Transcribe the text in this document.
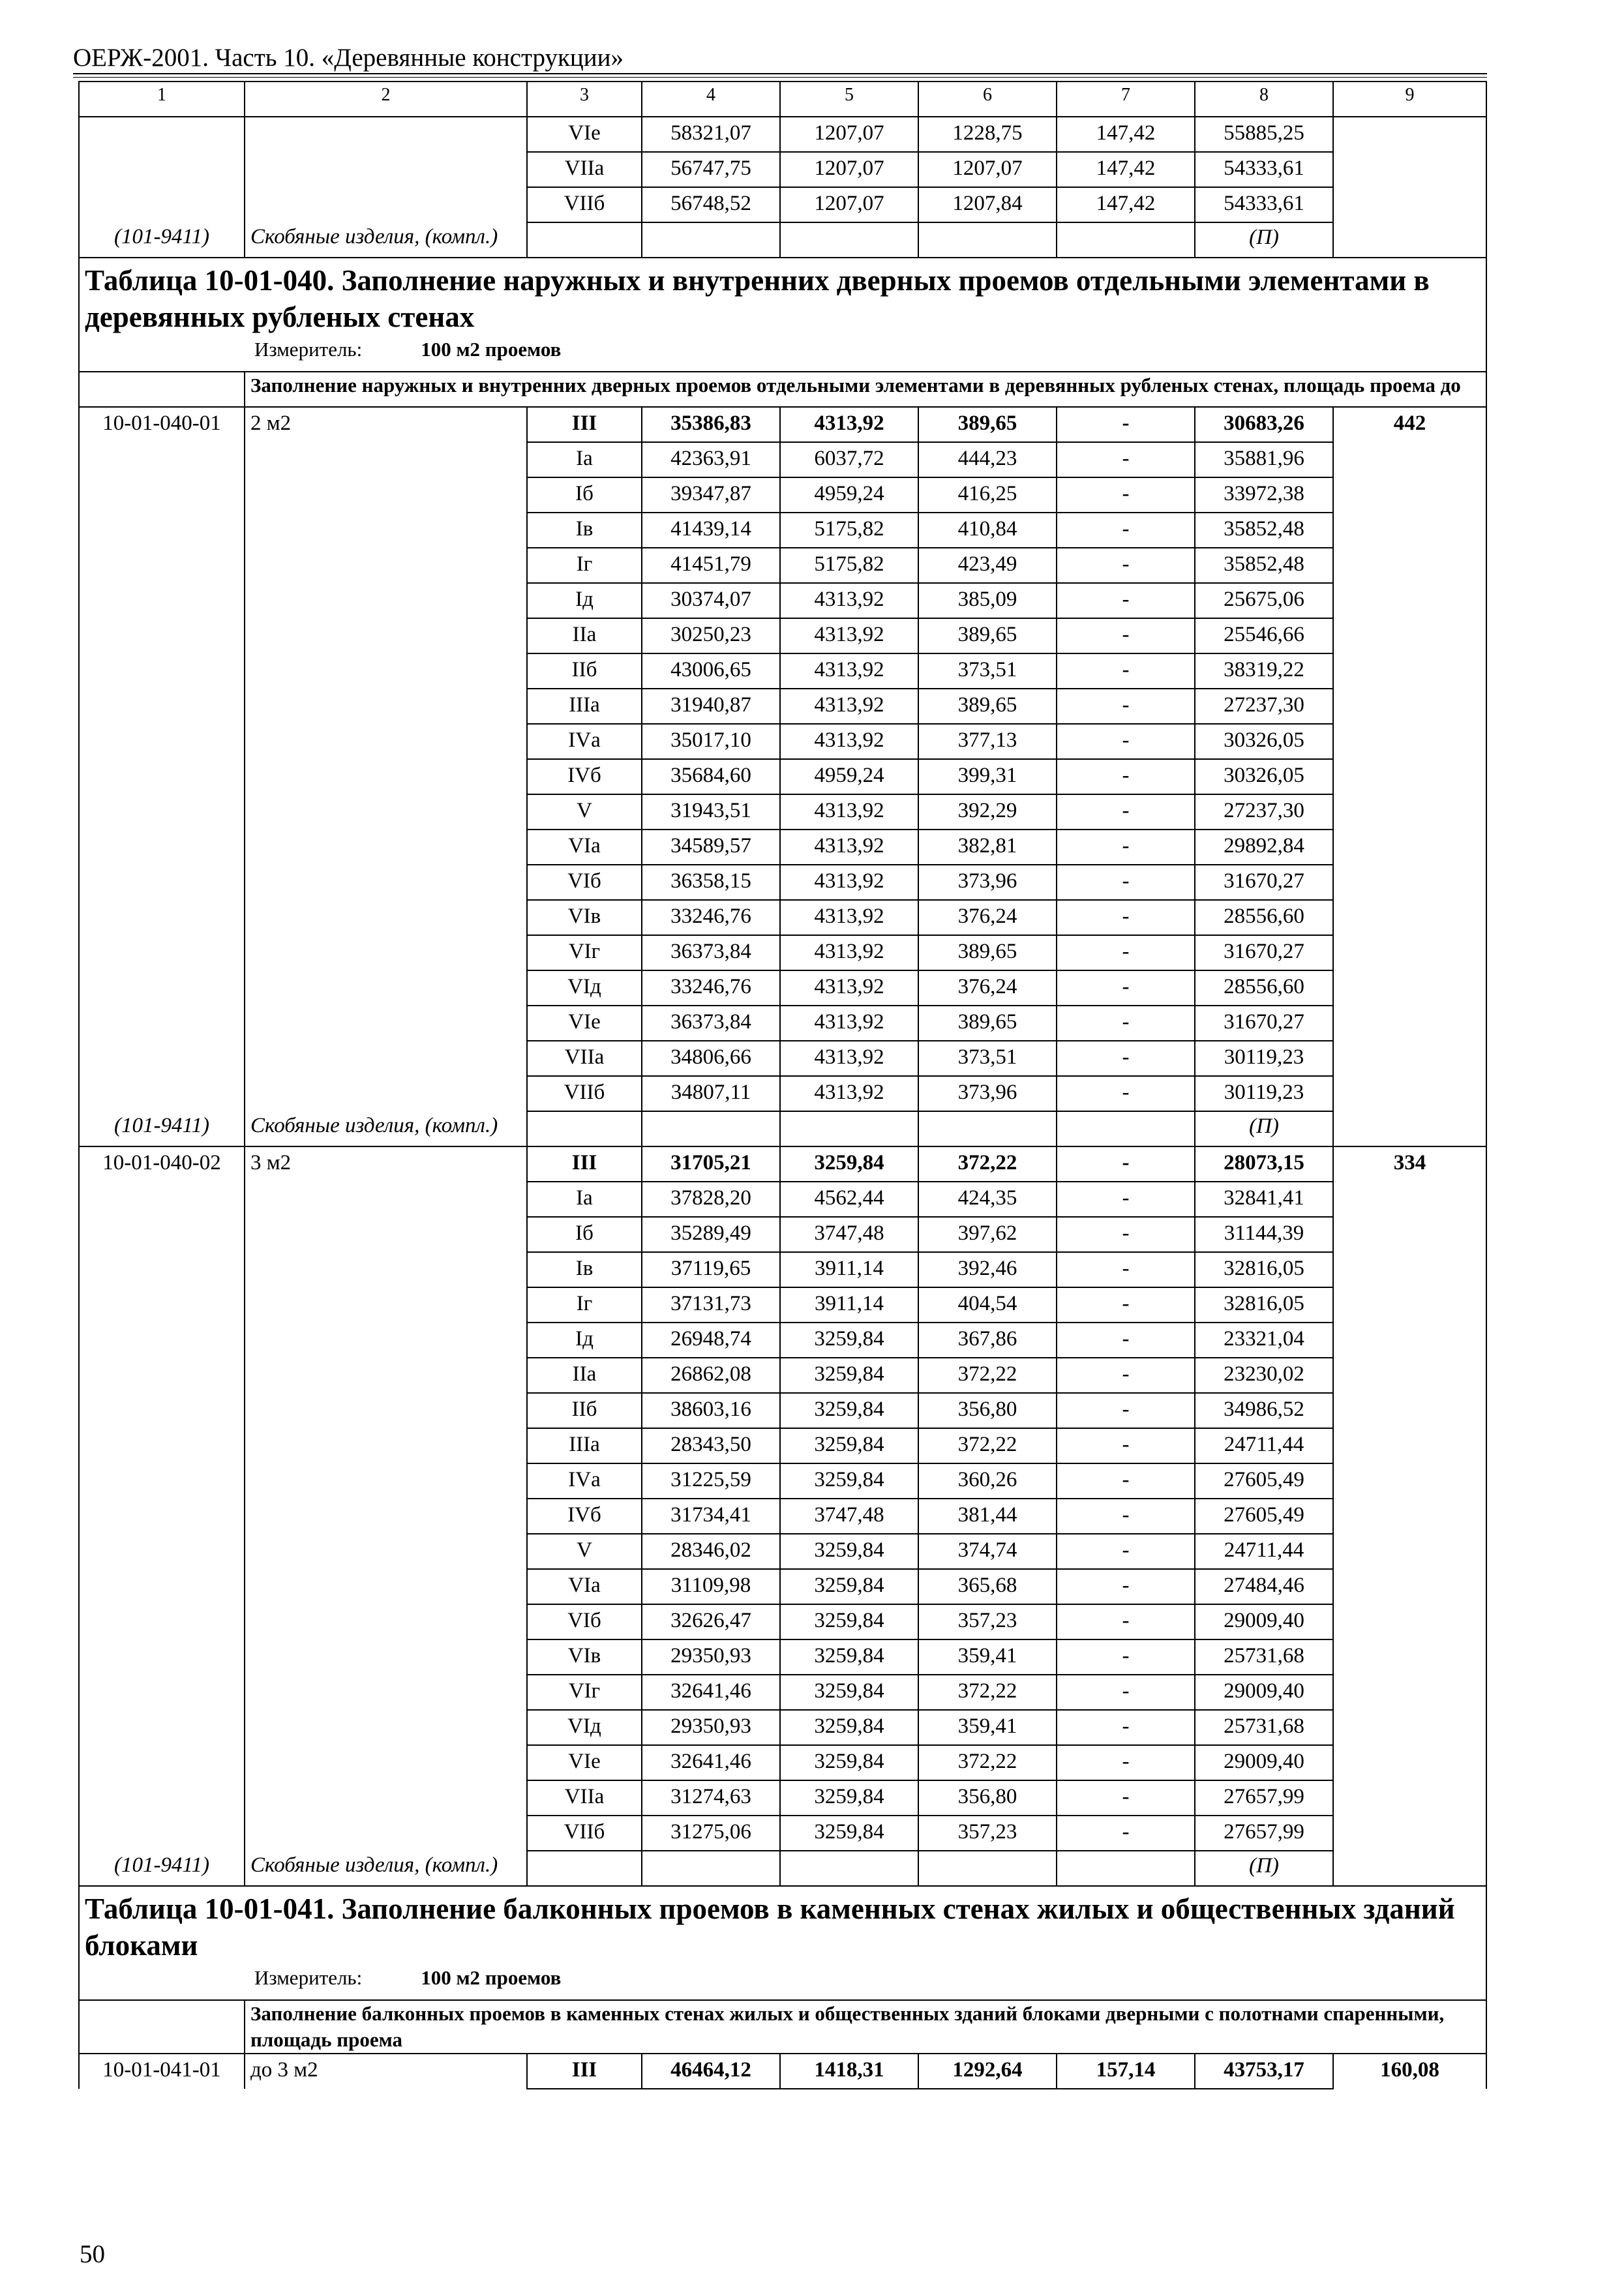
ОЕРЖ-2001. Часть 10. «Деревянные конструкции»
1	2	3	4	5	6	7	8	9
		VIе	58321,07	1207,07	1228,75	147,42	55885,25	
		VIIа	56747,75	1207,07	1207,07	147,42	54333,61	
		VIIб	56748,52	1207,07	1207,84	147,42	54333,61	
(101-9411)	Скобяные изделия, (компл.)						(П)	
Таблица 10-01-040. Заполнение наружных и внутренних дверных проемов отдельными элементами в деревянных рубленых стенах								
Измеритель: 100 м2 проемов								
	Заполнение наружных и внутренних дверных проемов отдельными элементами в деревянных рубленых стенах, площадь проема до							
10-01-040-01	2 м2	III	35386,83	4313,92	389,65	-	30683,26	442
		Iа	42363,91	6037,72	444,23	-	35881,96	
		Iб	39347,87	4959,24	416,25	-	33972,38	
		Iв	41439,14	5175,82	410,84	-	35852,48	
		Iг	41451,79	5175,82	423,49	-	35852,48	
		Iд	30374,07	4313,92	385,09	-	25675,06	
		IIа	30250,23	4313,92	389,65	-	25546,66	
		IIб	43006,65	4313,92	373,51	-	38319,22	
		IIIа	31940,87	4313,92	389,65	-	27237,30	
		IVа	35017,10	4313,92	377,13	-	30326,05	
		IVб	35684,60	4959,24	399,31	-	30326,05	
		V	31943,51	4313,92	392,29	-	27237,30	
		VIа	34589,57	4313,92	382,81	-	29892,84	
		VIб	36358,15	4313,92	373,96	-	31670,27	
		VIв	33246,76	4313,92	376,24	-	28556,60	
		VIг	36373,84	4313,92	389,65	-	31670,27	
		VIд	33246,76	4313,92	376,24	-	28556,60	
		VIе	36373,84	4313,92	389,65	-	31670,27	
		VIIа	34806,66	4313,92	373,51	-	30119,23	
		VIIб	34807,11	4313,92	373,96	-	30119,23	
(101-9411)	Скобяные изделия, (компл.)						(П)	
10-01-040-02	3 м2	III	31705,21	3259,84	372,22	-	28073,15	334
		Iа	37828,20	4562,44	424,35	-	32841,41	
		Iб	35289,49	3747,48	397,62	-	31144,39	
		Iв	37119,65	3911,14	392,46	-	32816,05	
		Iг	37131,73	3911,14	404,54	-	32816,05	
		Iд	26948,74	3259,84	367,86	-	23321,04	
		IIа	26862,08	3259,84	372,22	-	23230,02	
		IIб	38603,16	3259,84	356,80	-	34986,52	
		IIIа	28343,50	3259,84	372,22	-	24711,44	
		IVа	31225,59	3259,84	360,26	-	27605,49	
		IVб	31734,41	3747,48	381,44	-	27605,49	
		V	28346,02	3259,84	374,74	-	24711,44	
		VIа	31109,98	3259,84	365,68	-	27484,46	
		VIб	32626,47	3259,84	357,23	-	29009,40	
		VIв	29350,93	3259,84	359,41	-	25731,68	
		VIг	32641,46	3259,84	372,22	-	29009,40	
		VIд	29350,93	3259,84	359,41	-	25731,68	
		VIе	32641,46	3259,84	372,22	-	29009,40	
		VIIа	31274,63	3259,84	356,80	-	27657,99	
		VIIб	31275,06	3259,84	357,23	-	27657,99	
(101-9411)	Скобяные изделия, (компл.)						(П)	
Таблица 10-01-041. Заполнение балконных проемов в каменных стенах жилых и общественных зданий блоками								
Измеритель: 100 м2 проемов								
	Заполнение балконных проемов в каменных стенах жилых и общественных зданий блоками дверными с полотнами спаренными, площадь проема							
10-01-041-01	до 3 м2	III	46464,12	1418,31	1292,64	157,14	43753,17	160,08
50
